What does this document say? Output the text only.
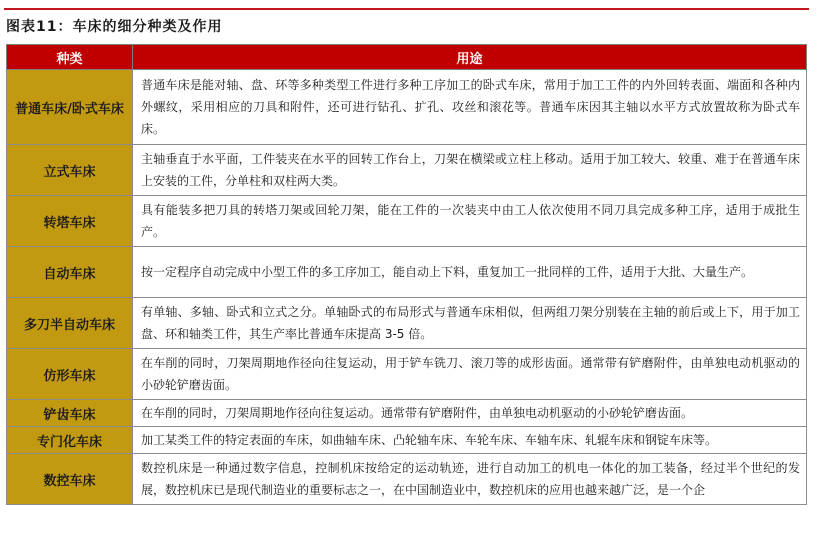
图表11：车床的细分种类及作用
种类	用途
普通车床/卧式车床	普通车床是能对轴、盘、环等多种类型工件进行多种工序加工的卧式车床，常用于加工工件的内外回转表面、端面和各种内外螺纹，采用相应的刀具和附件，还可进行钻孔、扩孔、攻丝和滚花等。普通车床因其主轴以水平方式放置故称为卧式车床。
立式车床	主轴垂直于水平面，工件装夹在水平的回转工作台上，刀架在横梁或立柱上移动。适用于加工较大、较重、难于在普通车床上安装的工件，分单柱和双柱两大类。
转塔车床	具有能装多把刀具的转塔刀架或回轮刀架，能在工件的一次装夹中由工人依次使用不同刀具完成多种工序，适用于成批生产。
自动车床	按一定程序自动完成中小型工件的多工序加工，能自动上下料，重复加工一批同样的工件，适用于大批、大量生产。
多刀半自动车床	有单轴、多轴、卧式和立式之分。单轴卧式的布局形式与普通车床相似，但两组刀架分别装在主轴的前后或上下，用于加工盘、环和轴类工件，其生产率比普通车床提高 3-5 倍。
仿形车床	在车削的同时，刀架周期地作径向往复运动，用于铲车铣刀、滚刀等的成形齿面。通常带有铲磨附件，由单独电动机驱动的小砂轮铲磨齿面。
铲齿车床	在车削的同时，刀架周期地作径向往复运动。通常带有铲磨附件，由单独电动机驱动的小砂轮铲磨齿面。
专门化车床	加工某类工件的特定表面的车床，如曲轴车床、凸轮轴车床、车轮车床、车轴车床、轧辊车床和钢锭车床等。
数控车床	数控机床是一种通过数字信息，控制机床按给定的运动轨迹，进行自动加工的机电一体化的加工装备，经过半个世纪的发展，数控机床已是现代制造业的重要标志之一，在中国制造业中，数控机床的应用也越来越广泛，是一个企
